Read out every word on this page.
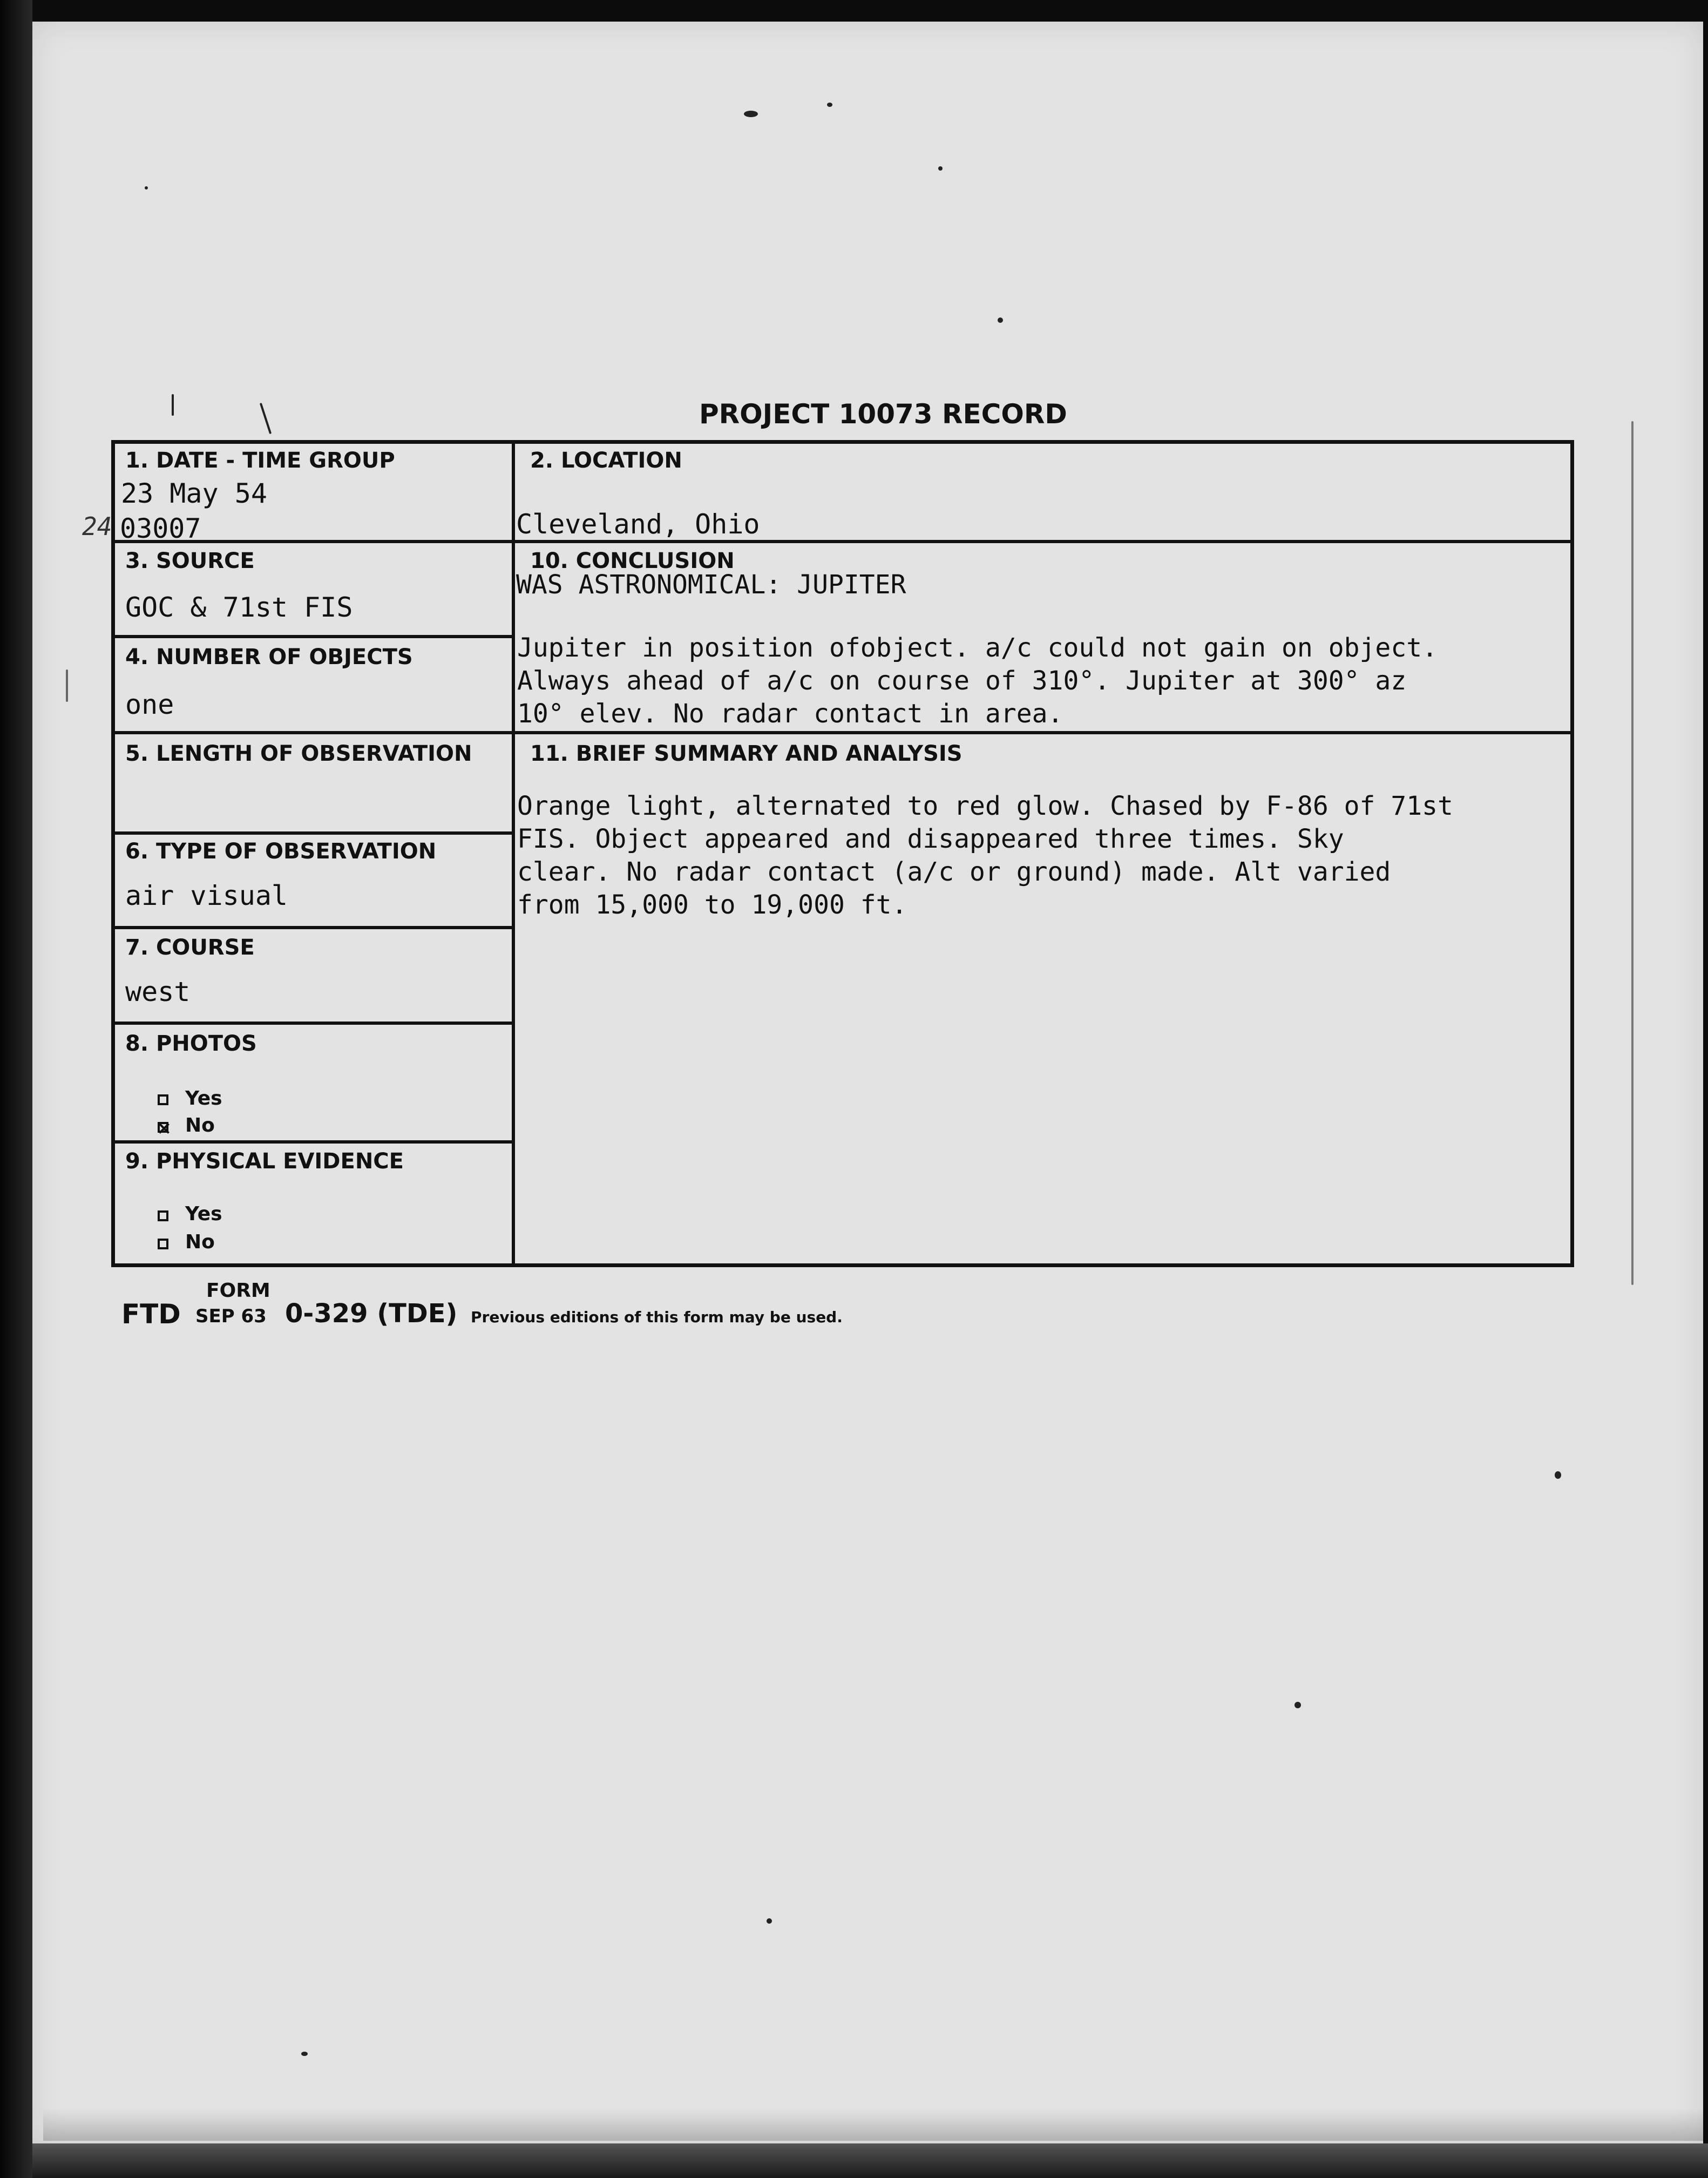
PROJECT 10073 RECORD
1. DATE - TIME GROUP
23 May 54
24 03007
2. LOCATION
Cleveland, Ohio
3. SOURCE
GOC & 71st FIS
10. CONCLUSION
WAS ASTRONOMICAL: JUPITER
Jupiter in position ofobject. a/c could not gain on object.
Always ahead of a/c on course of 310°. Jupiter at 300° az
10° elev. No radar contact in area.
4. NUMBER OF OBJECTS
one
5. LENGTH OF OBSERVATION	11. BRIEF SUMMARY AND ANALYSIS
Orange light, alternated to red glow. Chased by F-86 of 71st
FIS. Object appeared and disappeared three times. Sky
clear. No radar contact (a/c or ground) made. Alt varied
from 15,000 to 19,000 ft.
6. TYPE OF OBSERVATION
air visual
7. COURSE
west
8. PHOTOS
Yes
No
9. PHYSICAL EVIDENCE
Yes
No
FORM
FTD SEP 63 0-329 (TDE) Previous editions of this form may be used.
